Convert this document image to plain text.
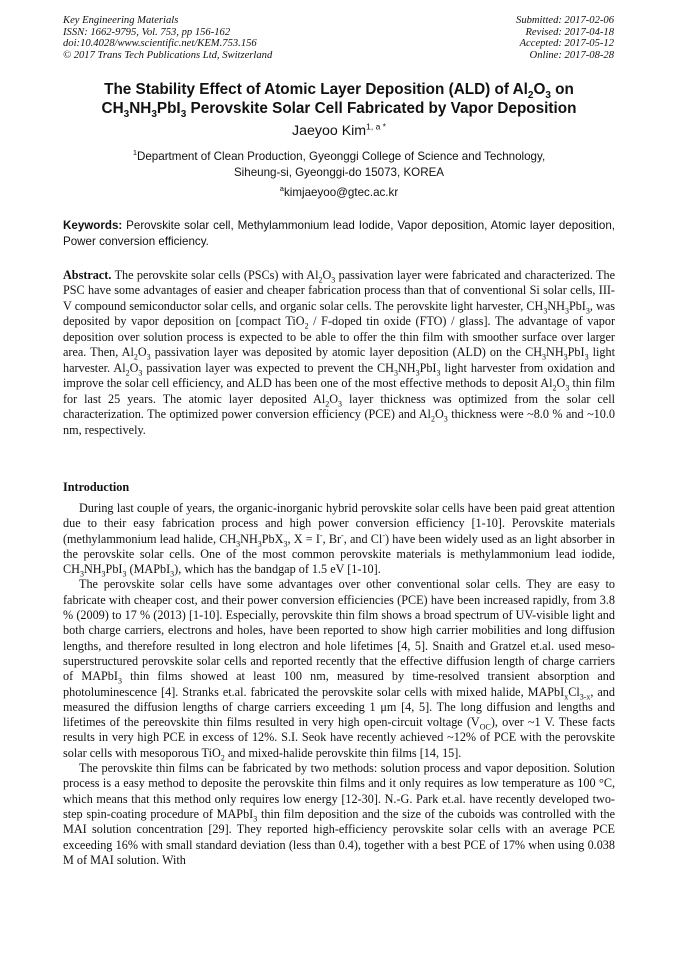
Key Engineering Materials
ISSN: 1662-9795, Vol. 753, pp 156-162
doi:10.4028/www.scientific.net/KEM.753.156
© 2017 Trans Tech Publications Ltd, Switzerland
Submitted: 2017-02-06
Revised: 2017-04-18
Accepted: 2017-05-12
Online: 2017-08-28
The Stability Effect of Atomic Layer Deposition (ALD) of $Al_2O_3$ on
$CH_3NH_3PbI_3$ Perovskite Solar Cell Fabricated by Vapor Deposition
Jaeyoo Kim$^{1, a *}$
$^1$Department of Clean Production, Gyeonggi College of Science and Technology,
Siheung-si, Gyeonggi-do 15073, KOREA
$^a$kimjaeyoo@gtec.ac.kr
Keywords: Perovskite solar cell, Methylammonium lead Iodide, Vapor deposition, Atomic layer deposition, Power conversion efficiency.
Abstract. The perovskite solar cells (PSCs) with $Al_2O_3$ passivation layer were fabricated and characterized. The PSC have some advantages of easier and cheaper fabrication process than that of conventional Si solar cells, III-V compound semiconductor solar cells, and organic solar cells. The perovskite light harvester, $CH_3NH_3PbI_3$, was deposited by vapor deposition on [compact TiO$_2$ / F-doped tin oxide (FTO) / glass]. The advantage of vapor deposition over solution process is expected to be able to offer the thin film with smoother surface over larger area. Then, $Al_2O_3$ passivation layer was deposited by atomic layer deposition (ALD) on the $CH_3NH_3PbI_3$ light harvester. $Al_2O_3$ passivation layer was expected to prevent the $CH_3NH_3PbI_3$ light harvester from oxidation and improve the solar cell efficiency, and ALD has been one of the most effective methods to deposit $Al_2O_3$ thin film for last 25 years. The atomic layer deposited $Al_2O_3$ layer thickness was optimized from the solar cell characterization. The optimized power conversion efficiency (PCE) and $Al_2O_3$ thickness were ~8.0 % and ~10.0 nm, respectively.
Introduction

During last couple of years, the organic-inorganic hybrid perovskite solar cells have been paid great attention due to their easy fabrication process and high power conversion efficiency [1-10]. Perovskite materials (methylammonium lead halide, $CH_3NH_3PbX_3$, X = I-, Br-, and Cl-) have been widely used as an light absorber in the perovskite solar cells. One of the most common perovskite materials is methylammonium lead iodide, $CH_3NH_3PbI_3$ (MAPbI$_3$), which has the bandgap of 1.5 eV [1-10].

The perovskite solar cells have some advantages over other conventional solar cells. They are easy to fabricate with cheaper cost, and their power conversion efficiencies (PCE) have been increased rapidly, from 3.8 % (2009) to 17 % (2013) [1-10]. Especially, perovskite thin film shows a broad spectrum of UV-visible light and both charge carriers, electrons and holes, have been reported to show high carrier mobilities and long diffusion lengths, and therefore resulted in long electron and hole lifetimes [4, 5]. Snaith and Gratzel et.al. used meso-superstructured perovskite solar cells and reported recently that the effective diffusion length of charge carriers of MAPbI$_3$ thin films showed at least 100 nm, measured by time-resolved transient absorption and photoluminescence [4]. Stranks et.al. fabricated the perovskite solar cells with mixed halide, $MAPbI_xCl_{3-x}$, and measured the diffusion lengths of charge carriers exceeding 1 μm [4, 5]. The long diffusion and lengths and lifetimes of the pereovskite thin films resulted in very high open-circuit voltage $(V_{OC})$, over ~1 V. These facts results in very high PCE in excess of 12%. S.I. Seok have recently achieved ~12% of PCE with the perovskite solar cells with mesoporous TiO$_2$ and mixed-halide perovskite thin films [14, 15].

The perovskite thin films can be fabricated by two methods: solution process and vapor deposition. Solution process is a easy method to deposite the perovskite thin films and it only requires as low temperature as 100 °C, which means that this method only requires low energy [12-30]. N.-G. Park et.al. have recently developed two-step spin-coating procedure of MAPbI$_3$ thin film deposition and the size of the cuboids was controlled with the MAI solution concentration [29]. They reported high-efficiency perovskite solar cells with an average PCE exceeding 16% with small standard deviation (less than 0.4), together with a best PCE of 17% when using 0.038 M of MAI solution. With
